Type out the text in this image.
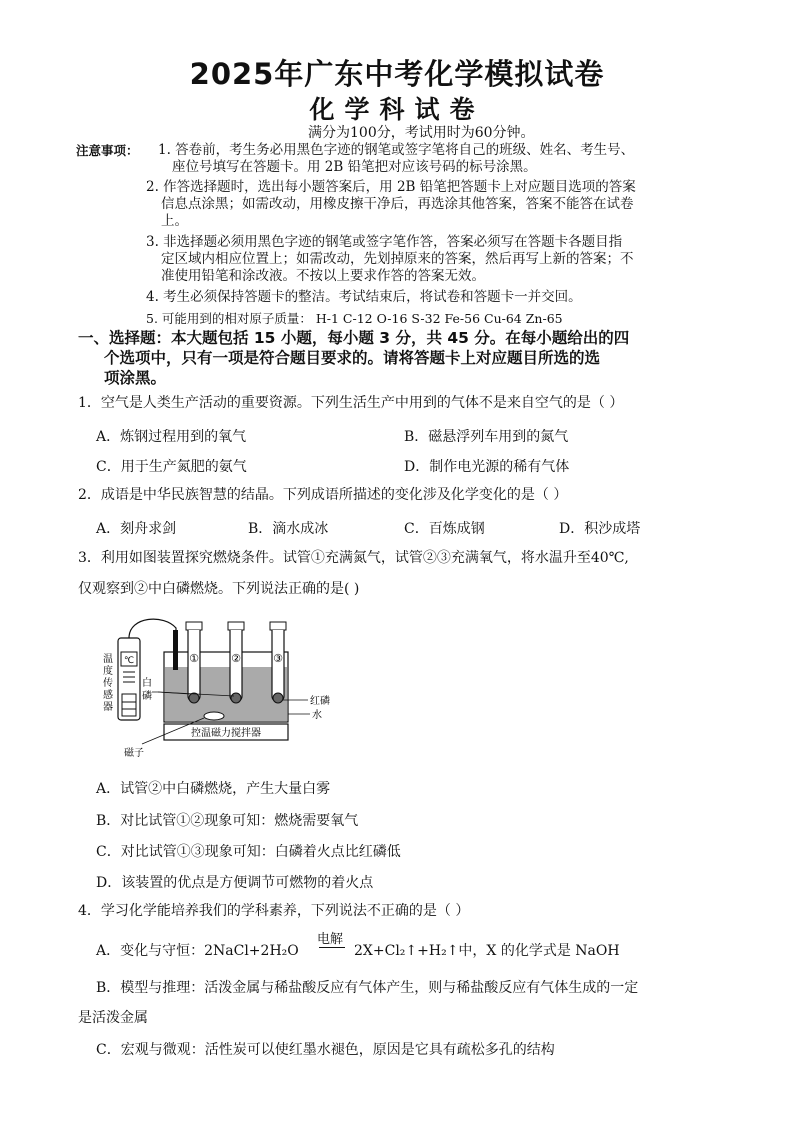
2025年广东中考化学模拟试卷
化学科试卷
满分为100分，考试用时为60分钟。
注意事项： 1. 答卷前，考生务必用黑色字迹的钢笔或签字笔将自己的班级、姓名、考生号、
座位号填写在答题卡。用 2B 铅笔把对应该号码的标号涂黑。
2. 作答选择题时，选出每小题答案后，用 2B 铅笔把答题卡上对应题目选项的答案
信息点涂黑；如需改动，用橡皮擦干净后，再选涂其他答案，答案不能答在试卷
上。
3. 非选择题必须用黑色字迹的钢笔或签字笔作答，答案必须写在答题卡各题目指
定区域内相应位置上；如需改动，先划掉原来的答案，然后再写上新的答案；不
准使用铅笔和涂改液。不按以上要求作答的答案无效。
4. 考生必须保持答题卡的整洁。考试结束后，将试卷和答题卡一并交回。
5. 可能用到的相对原子质量： H-1 C-12 O-16 S-32 Fe-56 Cu-64 Zn-65
一、选择题：本大题包括 15 小题，每小题 3 分，共 45 分。在每小题给出的四
个选项中，只有一项是符合题目要求的。请将答题卡上对应题目所选的选
项涂黑。
1．空气是人类生产活动的重要资源。下列生活生产中用到的气体不是来自空气的是（ ）
A．炼钢过程用到的氧气	B．磁悬浮列车用到的氮气
C．用于生产氮肥的氨气	D．制作电光源的稀有气体
2．成语是中华民族智慧的结晶。下列成语所描述的变化涉及化学变化的是（ ）
A．刻舟求剑	B．滴水成冰	C．百炼成钢	D．积沙成塔
3．利用如图装置探究燃烧条件。试管①充满氮气，试管②③充满氧气，将水温升至40℃,
仅观察到②中白磷燃烧。下列说法正确的是( )
℃
温
度
传
感
器
①	②	③
白
磷	红磷
水
控温磁力搅拌器
磁子
A．试管②中白磷燃烧，产生大量白雾
B．对比试管①②现象可知：燃烧需要氧气
C．对比试管①③现象可知：白磷着火点比红磷低
D．该装置的优点是方便调节可燃物的着火点
4．学习化学能培养我们的学科素养，下列说法不正确的是（ ）
A．变化与守恒：2NaCl+2H₂O
电解
2X+Cl₂↑+H₂↑中，X 的化学式是 NaOH
B．模型与推理：活泼金属与稀盐酸反应有气体产生，则与稀盐酸反应有气体生成的一定
是活泼金属
C．宏观与微观：活性炭可以使红墨水褪色，原因是它具有疏松多孔的结构
